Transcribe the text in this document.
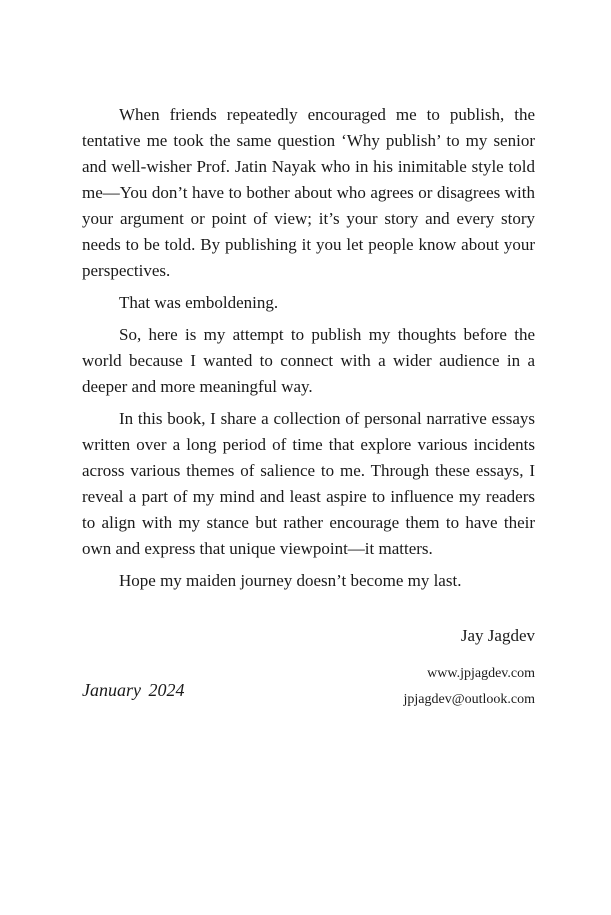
When friends repeatedly encouraged me to publish, the tentative me took the same question ‘Why publish’ to my senior and well-wisher Prof. Jatin Nayak who in his inimitable style told me—You don’t have to bother about who agrees or disagrees with your argument or point of view; it’s your story and every story needs to be told. By publishing it you let people know about your perspectives.

That was emboldening.

So, here is my attempt to publish my thoughts before the world because I wanted to connect with a wider audience in a deeper and more meaningful way.

In this book, I share a collection of personal narrative essays written over a long period of time that explore various incidents across various themes of salience to me. Through these essays, I reveal a part of my mind and least aspire to influence my readers to align with my stance but rather encourage them to have their own and express that unique viewpoint—it matters.

Hope my maiden journey doesn’t become my last.

Jay Jagdev
www.jpjagdev.com
jpjagdev@outlook.com
January 2024
